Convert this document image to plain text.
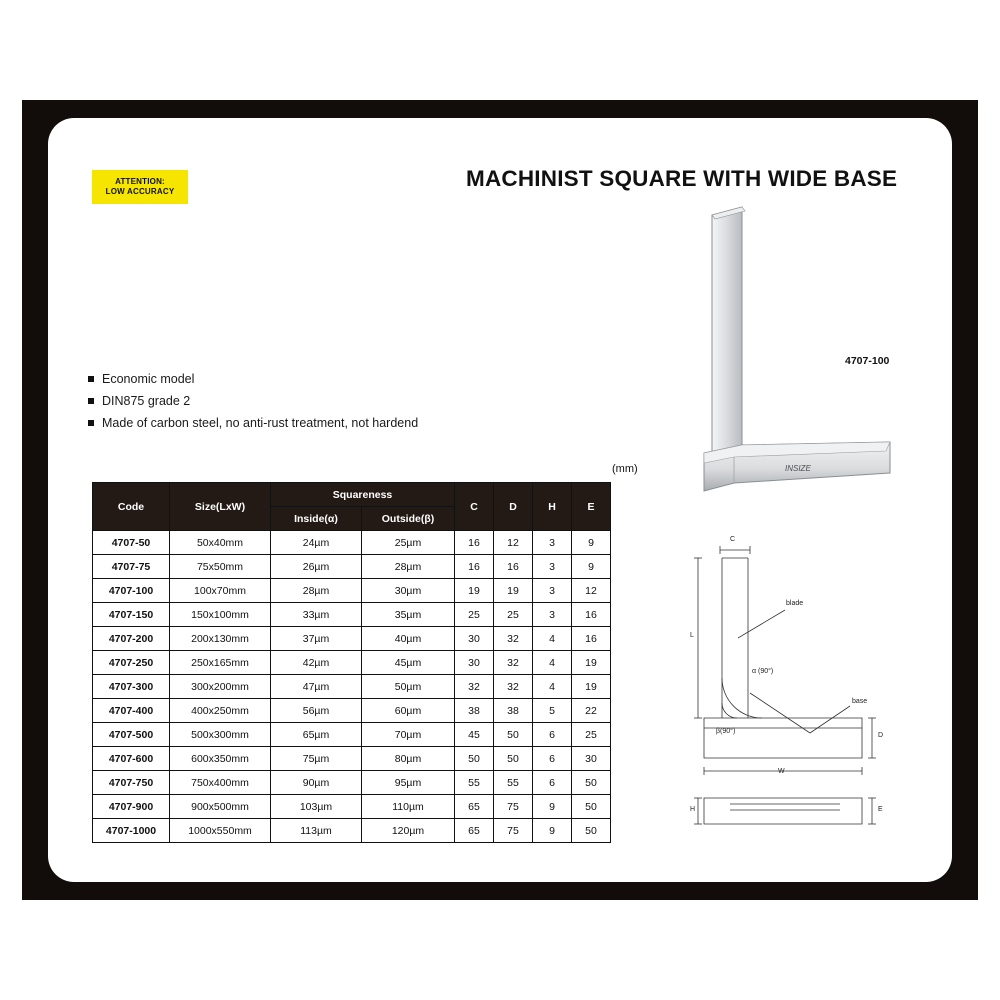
ATTENTION:
LOW ACCURACY
MACHINIST SQUARE WITH WIDE BASE
Economic model
DIN875 grade 2
Made of carbon steel, no anti-rust treatment, not hardend
(mm)	INSIZE
4707-100
C
L
W
D
H	E
blade
base
α (90°)
β(90°)
Code	Size(LxW)	Squareness		C	D	H	E
		Inside(α)	Outside(β)				
4707-50	50x40mm	24µm	25µm	16	12	3	9
4707-75	75x50mm	26µm	28µm	16	16	3	9
4707-100	100x70mm	28µm	30µm	19	19	3	12
4707-150	150x100mm	33µm	35µm	25	25	3	16
4707-200	200x130mm	37µm	40µm	30	32	4	16
4707-250	250x165mm	42µm	45µm	30	32	4	19
4707-300	300x200mm	47µm	50µm	32	32	4	19
4707-400	400x250mm	56µm	60µm	38	38	5	22
4707-500	500x300mm	65µm	70µm	45	50	6	25
4707-600	600x350mm	75µm	80µm	50	50	6	30
4707-750	750x400mm	90µm	95µm	55	55	6	50
4707-900	900x500mm	103µm	110µm	65	75	9	50
4707-1000	1000x550mm	113µm	120µm	65	75	9	50
